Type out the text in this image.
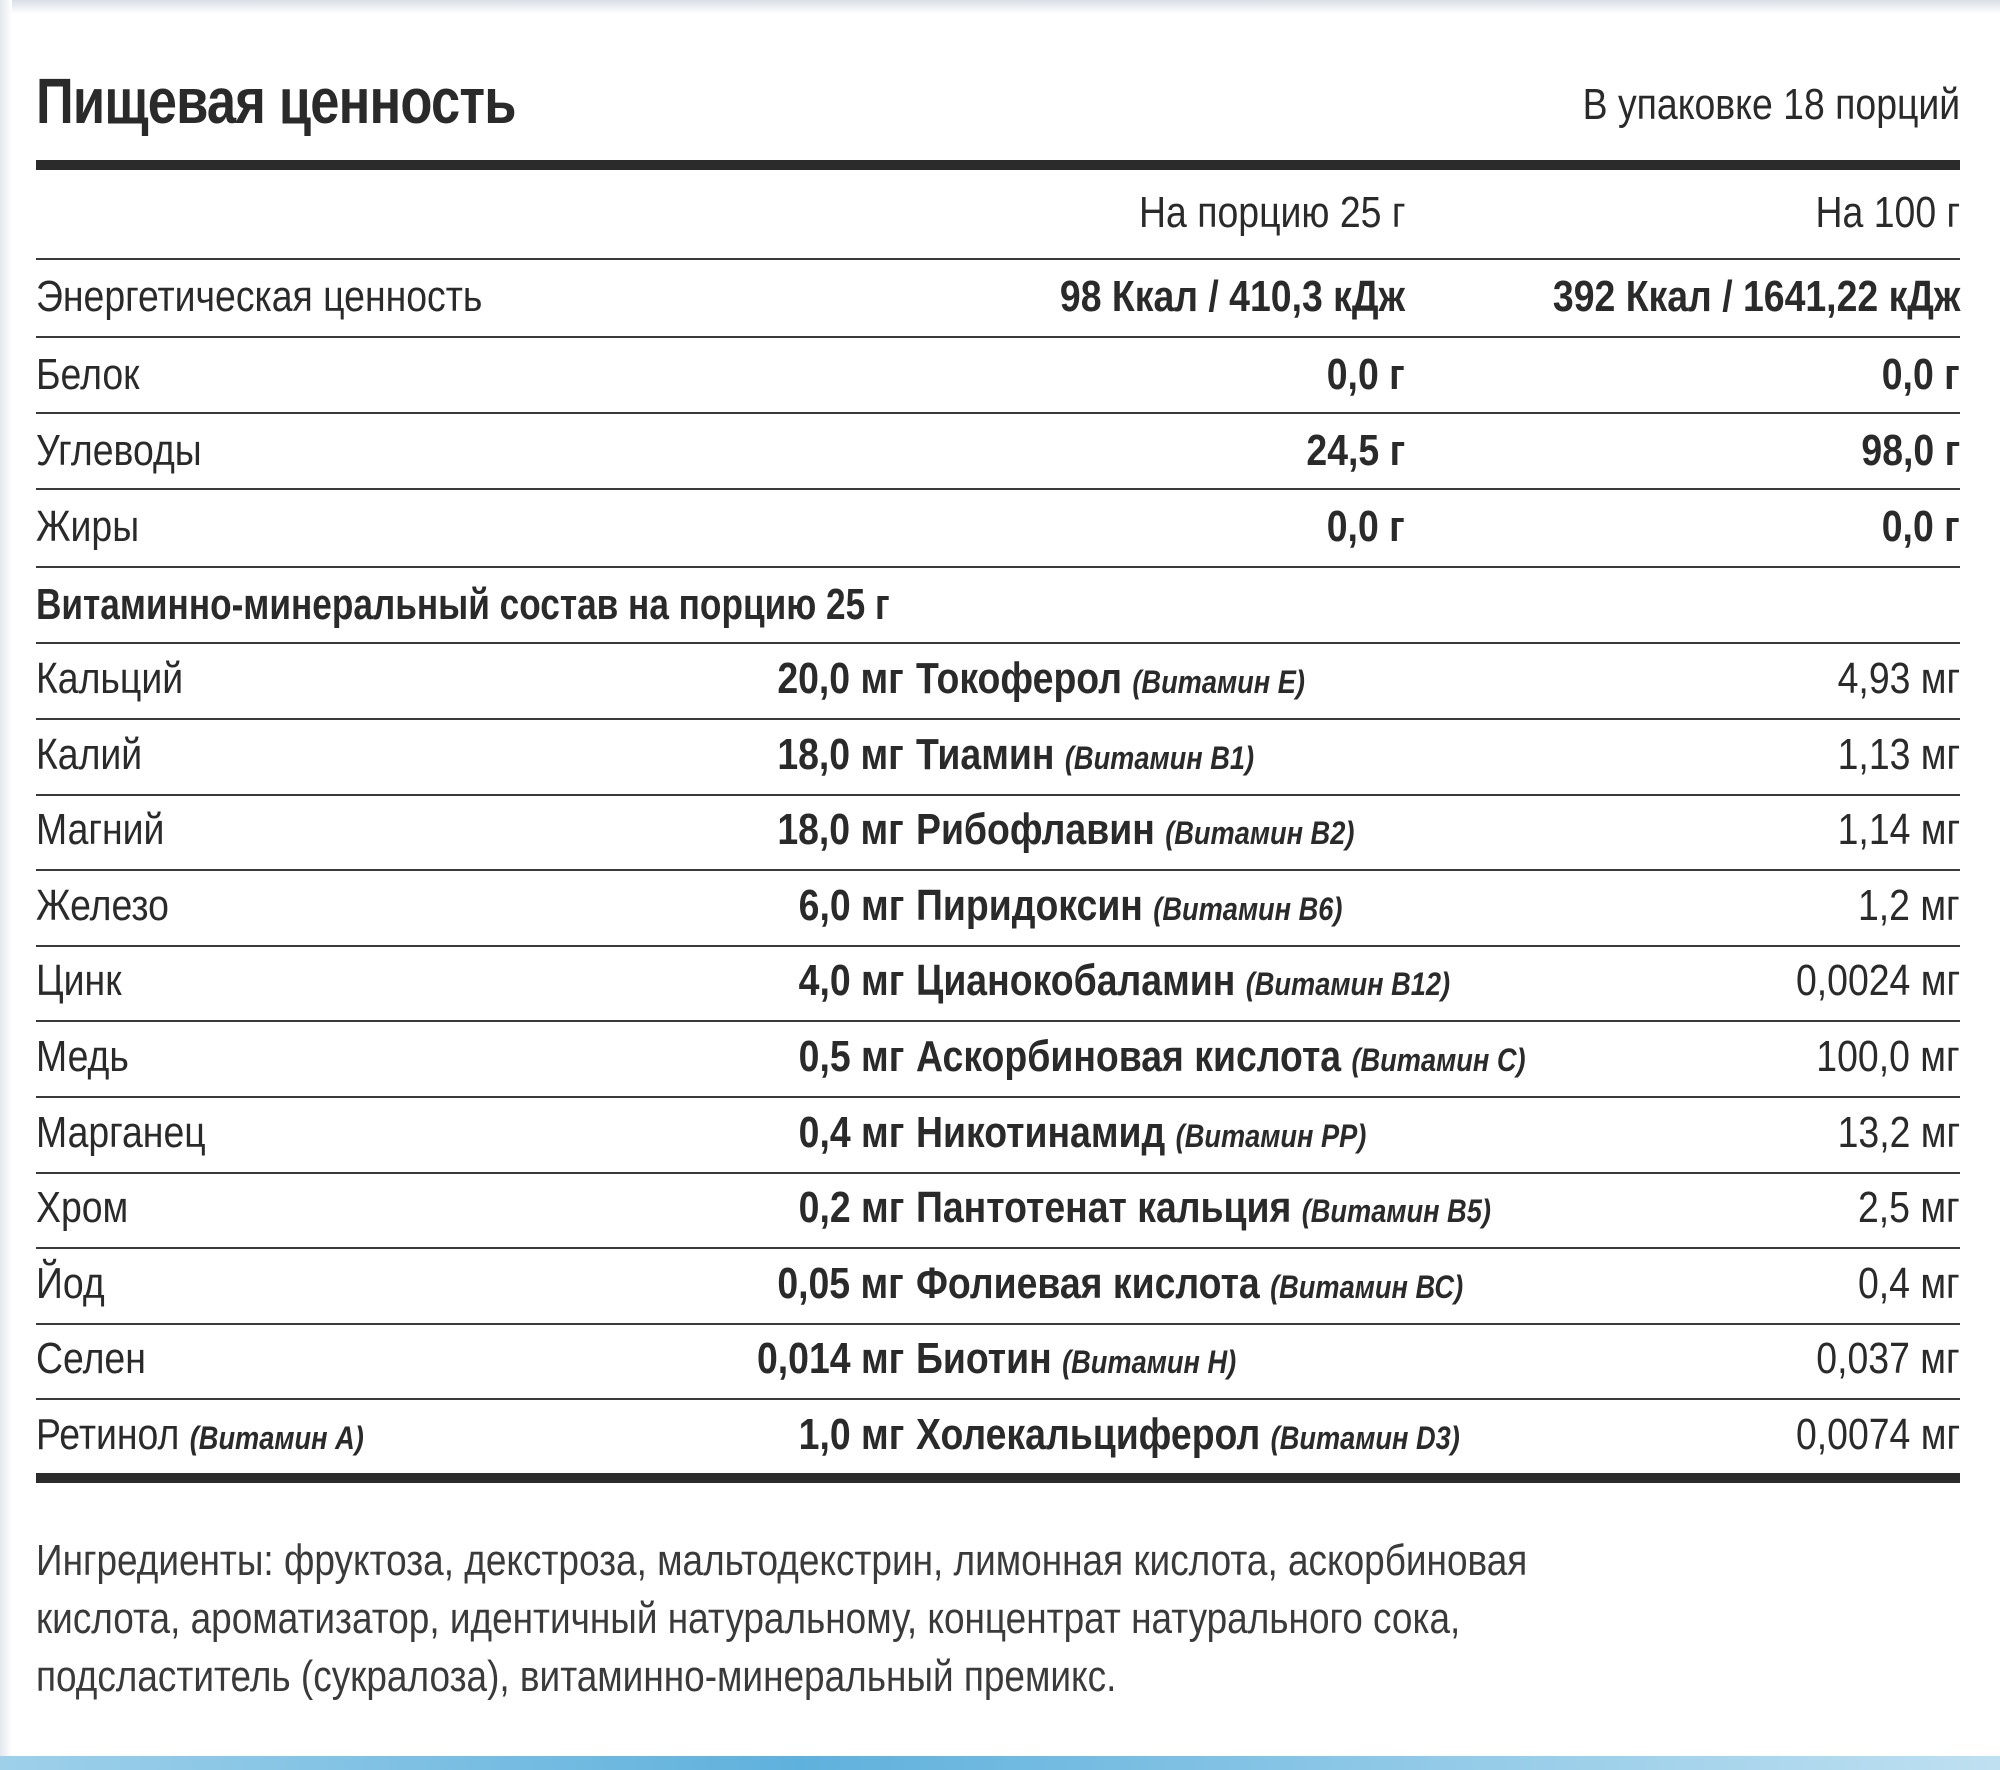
Пищевая ценность	В упаковке 18 порций
На порцию 25 г	На 100 г
Энергетическая ценность	98 Ккал / 410,3 кДж	392 Ккал / 1641,22 кДж
Белок	0,0 г	0,0 г
Углеводы	24,5 г	98,0 г
Жиры	0,0 г	0,0 г
Витаминно-минеральный состав на порцию 25 г
Кальций	20,0 мг Токоферол (Витамин Е)	4,93 мг
Калий	18,0 мг Тиамин (Витамин В1)	1,13 мг
Магний	18,0 мг Рибофлавин (Витамин В2)	1,14 мг
Железо	6,0 мг Пиридоксин (Витамин В6)	1,2 мг
Цинк	4,0 мг Цианокобаламин (Витамин В12)	0,0024 мг
Медь	0,5 мг Аскорбиновая кислота (Витамин С)	100,0 мг
Марганец	0,4 мг Никотинамид (Витамин РР)	13,2 мг
Хром	0,2 мг Пантотенат кальция (Витамин В5)	2,5 мг
Йод	0,05 мг Фолиевая кислота (Витамин ВС)	0,4 мг
Селен	0,014 мг Биотин (Витамин Н)	0,037 мг
Ретинол (Витамин А)	1,0 мг Холекальциферол (Витамин D3)	0,0074 мг
Ингредиенты: фруктоза, декстроза, мальтодекстрин, лимонная кислота, аскорбиновая
кислота, ароматизатор, идентичный натуральному, концентрат натурального сока,
подсластитель (сукралоза), витаминно-минеральный премикс.
